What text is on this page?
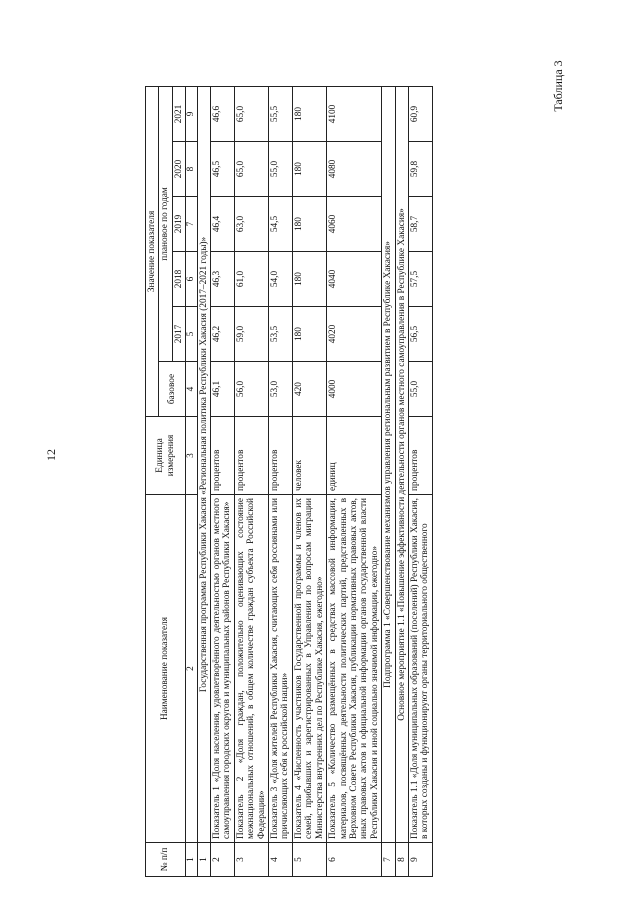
12
Таблица 3
№ п/п	Наименование показателя	Единица измерения	Значение показателя					
			базовое	плановое по годам				
				2017	2018	2019	2020	2021
1	2	3	4	5	6	7	8	9
1	Государственная программа Республики Хакасия «Региональная политика Республики Хакасия (2017–2021 годы)»							
2	Показатель 1 «Доля населения, удовлетворённого деятельностью органов местного самоуправления городских округов и муниципальных районов Республики Хакасия»	процентов	46,1	46,2	46,3	46,4	46,5	46,6
3	Показатель 2 «Доля граждан, положительно оценивающих состояние межнациональных отношений, в общем количестве граждан субъекта Российской Федерации»	процентов	56,0	59,0	61,0	63,0	65,0	65,0
4	Показатель 3 «Доля жителей Республики Хакасия, считающих себя россиянами или причисляющих себя к российской нации»	процентов	53,0	53,5	54,0	54,5	55,0	55,5
5	Показатель 4 «Численность участников Государственной программы и членов их семей, прибывших и зарегистрированных в Управлении по вопросам миграции Министерства внутренних дел по Республике Хакасия, ежегодно»	человек	420	180	180	180	180	180
6	Показатель 5 «Количество размещённых в средствах массовой информации, материалов, посвящённых деятельности политических партий, представленных в Верховном Совете Республики Хакасия, публикации нормативных правовых актов, иных правовых актов и официальной информации органов государственной власти Республики Хакасия и иной социально значимой информации, ежегодно»	единиц	4000	4020	4040	4060	4080	4100
7	Подпрограмма 1 «Совершенствование механизмов управления региональным развитием в Республике Хакасия»							
8	Основное мероприятие 1.1 «Повышение эффективности деятельности органов местного самоуправления в Республике Хакасия»							
9	Показатель 1.1 «Доля муниципальных образований (поселений) Республики Хакасия, в которых созданы и функционируют органы территориального общественного	процентов	55,0	56,5	57,5	58,7	59,8	60,9
